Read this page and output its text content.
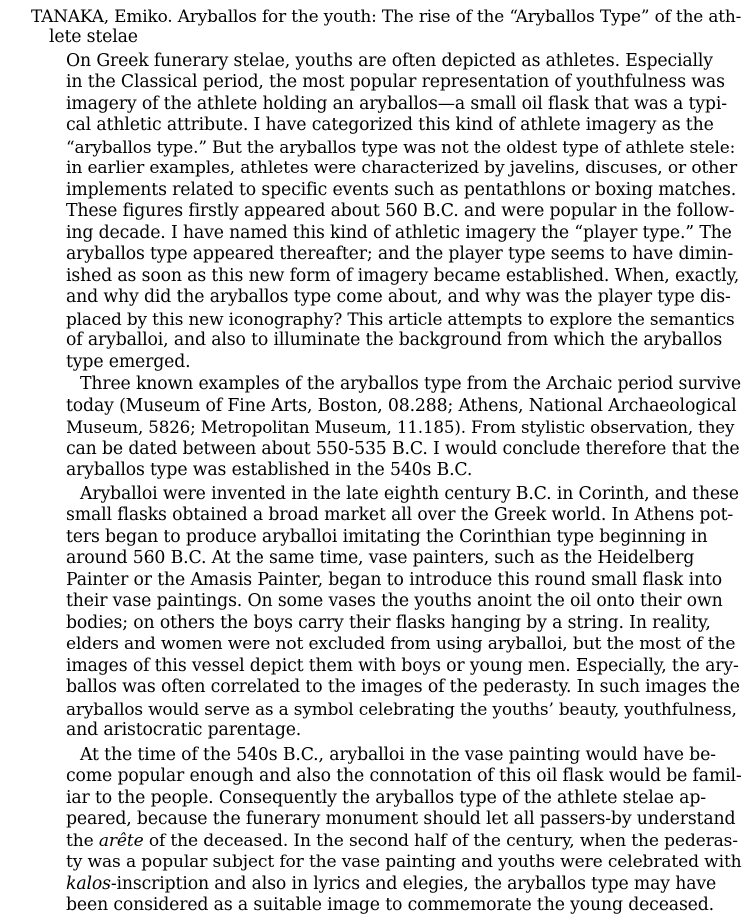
TANAKA, Emiko. Aryballos for the youth: The rise of the “Aryballos Type” of the ath-
lete stelae
On Greek funerary stelae, youths are often depicted as athletes. Especially
in the Classical period, the most popular representation of youthfulness was
imagery of the athlete holding an aryballos—a small oil flask that was a typi-
cal athletic attribute. I have categorized this kind of athlete imagery as the
“aryballos type.” But the aryballos type was not the oldest type of athlete stele:
in earlier examples, athletes were characterized by javelins, discuses, or other
implements related to specific events such as pentathlons or boxing matches.
These figures firstly appeared about 560 B.C. and were popular in the follow-
ing decade. I have named this kind of athletic imagery the “player type.” The
aryballos type appeared thereafter; and the player type seems to have dimin-
ished as soon as this new form of imagery became established. When, exactly,
and why did the aryballos type come about, and why was the player type dis-
placed by this new iconography? This article attempts to explore the semantics
of aryballoi, and also to illuminate the background from which the aryballos
type emerged.
Three known examples of the aryballos type from the Archaic period survive
today (Museum of Fine Arts, Boston, 08.288; Athens, National Archaeological
Museum, 5826; Metropolitan Museum, 11.185). From stylistic observation, they
can be dated between about 550-535 B.C. I would conclude therefore that the
aryballos type was established in the 540s B.C.
Aryballoi were invented in the late eighth century B.C. in Corinth, and these
small flasks obtained a broad market all over the Greek world. In Athens pot-
ters began to produce aryballoi imitating the Corinthian type beginning in
around 560 B.C. At the same time, vase painters, such as the Heidelberg
Painter or the Amasis Painter, began to introduce this round small flask into
their vase paintings. On some vases the youths anoint the oil onto their own
bodies; on others the boys carry their flasks hanging by a string. In reality,
elders and women were not excluded from using aryballoi, but the most of the
images of this vessel depict them with boys or young men. Especially, the ary-
ballos was often correlated to the images of the pederasty. In such images the
aryballos would serve as a symbol celebrating the youths’ beauty, youthfulness,
and aristocratic parentage.
At the time of the 540s B.C., aryballoi in the vase painting would have be-
come popular enough and also the connotation of this oil flask would be famil-
iar to the people. Consequently the aryballos type of the athlete stelae ap-
peared, because the funerary monument should let all passers-by understand
the arête of the deceased. In the second half of the century, when the pederas-
ty was a popular subject for the vase painting and youths were celebrated with
kalos-inscription and also in lyrics and elegies, the aryballos type may have
been considered as a suitable image to commemorate the young deceased.
